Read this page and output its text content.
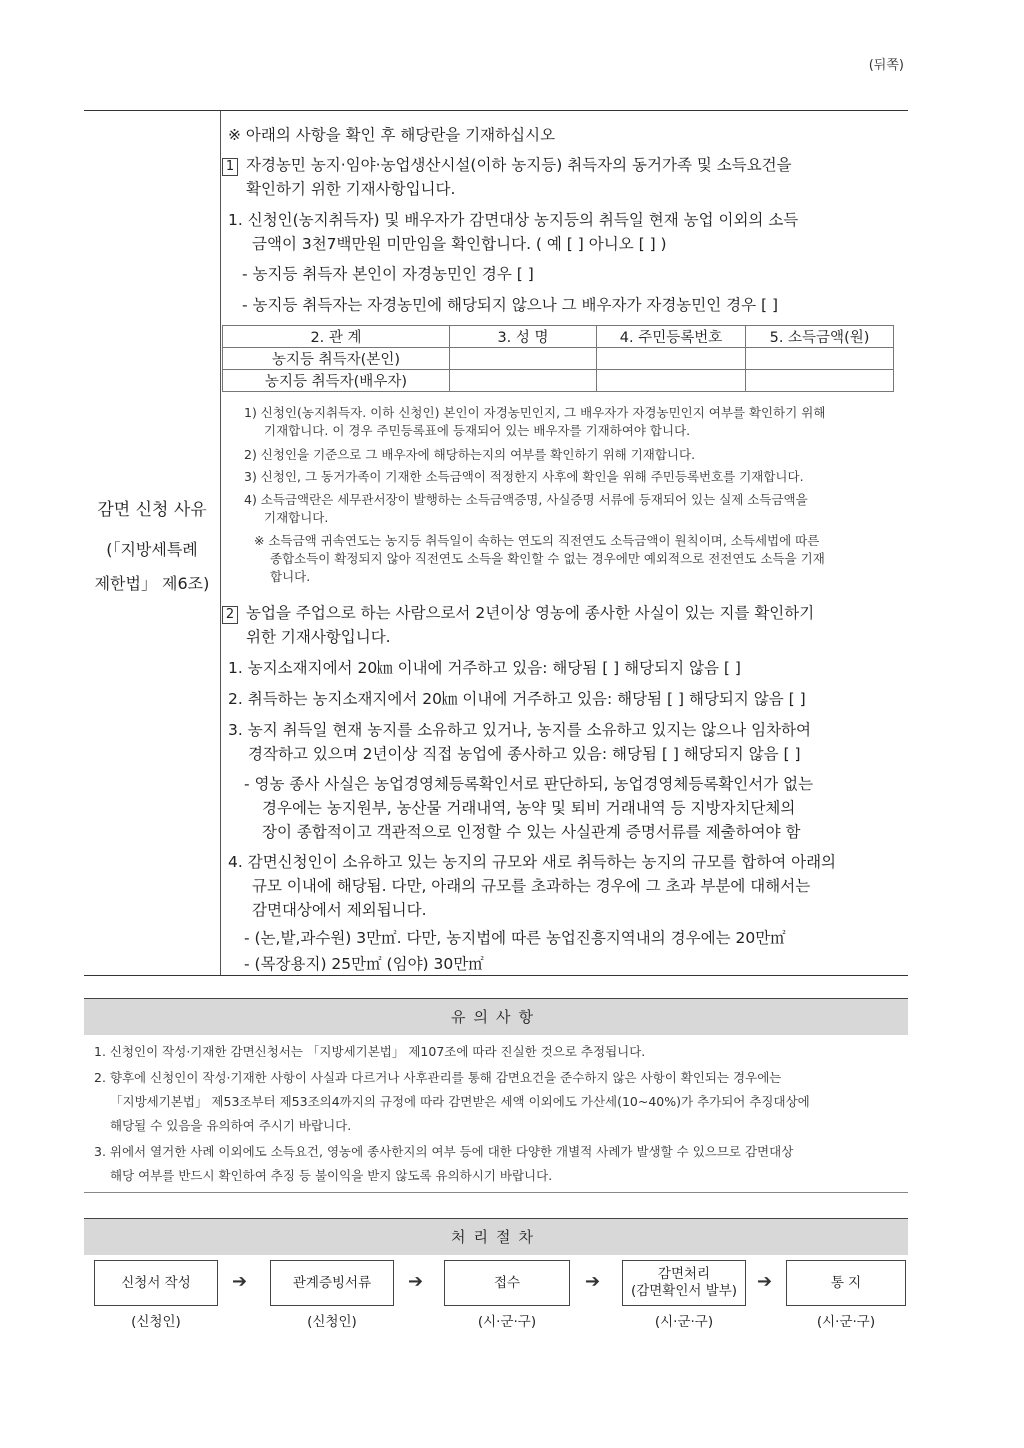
(뒤쪽)
감면 신청 사유
(「지방세특례
제한법」 제6조)
※ 아래의 사항을 확인 후 해당란을 기재하십시오
1 자경농민 농지·임야·농업생산시설(이하 농지등) 취득자의 동거가족 및 소득요건을
확인하기 위한 기재사항입니다.
1. 신청인(농지취득자) 및 배우자가 감면대상 농지등의 취득일 현재 농업 이외의 소득
금액이 3천7백만원 미만임을 확인합니다. ( 예 [ ] 아니오 [ ] )
- 농지등 취득자 본인이 자경농민인 경우 [ ]
- 농지등 취득자는 자경농민에 해당되지 않으나 그 배우자가 자경농민인 경우 [ ]
2. 관 계	3. 성 명	4. 주민등록번호	5. 소득금액(원)
농지등 취득자(본인)			
농지등 취득자(배우자)			
1) 신청인(농지취득자. 이하 신청인) 본인이 자경농민인지, 그 배우자가 자경농민인지 여부를 확인하기 위해
기재합니다. 이 경우 주민등록표에 등재되어 있는 배우자를 기재하여야 합니다.
2) 신청인을 기준으로 그 배우자에 해당하는지의 여부를 확인하기 위해 기재합니다.
3) 신청인, 그 동거가족이 기재한 소득금액이 적정한지 사후에 확인을 위해 주민등록번호를 기재합니다.
4) 소득금액란은 세무관서장이 발행하는 소득금액증명, 사실증명 서류에 등재되어 있는 실제 소득금액을
기재합니다.
※ 소득금액 귀속연도는 농지등 취득일이 속하는 연도의 직전연도 소득금액이 원칙이며, 소득세법에 따른
종합소득이 확정되지 않아 직전연도 소득을 확인할 수 없는 경우에만 예외적으로 전전연도 소득을 기재
합니다.
2 농업을 주업으로 하는 사람으로서 2년이상 영농에 종사한 사실이 있는 지를 확인하기
위한 기재사항입니다.
1. 농지소재지에서 20㎞ 이내에 거주하고 있음: 해당됨 [ ] 해당되지 않음 [ ]
2. 취득하는 농지소재지에서 20㎞ 이내에 거주하고 있음: 해당됨 [ ] 해당되지 않음 [ ]
3. 농지 취득일 현재 농지를 소유하고 있거나, 농지를 소유하고 있지는 않으나 임차하여
경작하고 있으며 2년이상 직접 농업에 종사하고 있음: 해당됨 [ ] 해당되지 않음 [ ]
- 영농 종사 사실은 농업경영체등록확인서로 판단하되, 농업경영체등록확인서가 없는
경우에는 농지원부, 농산물 거래내역, 농약 및 퇴비 거래내역 등 지방자치단체의
장이 종합적이고 객관적으로 인정할 수 있는 사실관계 증명서류를 제출하여야 함
4. 감면신청인이 소유하고 있는 농지의 규모와 새로 취득하는 농지의 규모를 합하여 아래의
규모 이내에 해당됨. 다만, 아래의 규모를 초과하는 경우에 그 초과 부분에 대해서는
감면대상에서 제외됩니다.
- (논,밭,과수원) 3만㎡. 다만, 농지법에 따른 농업진흥지역내의 경우에는 20만㎡
- (목장용지) 25만㎡ (임야) 30만㎡
유의사항
1. 신청인이 작성·기재한 감면신청서는 「지방세기본법」 제107조에 따라 진실한 것으로 추정됩니다.
2. 향후에 신청인이 작성·기재한 사항이 사실과 다르거나 사후관리를 통해 감면요건을 준수하지 않은 사항이 확인되는 경우에는
「지방세기본법」 제53조부터 제53조의4까지의 규정에 따라 감면받은 세액 이외에도 가산세(10~40%)가 추가되어 추징대상에
해당될 수 있음을 유의하여 주시기 바랍니다.
3. 위에서 열거한 사례 이외에도 소득요건, 영농에 종사한지의 여부 등에 대한 다양한 개별적 사례가 발생할 수 있으므로 감면대상
해당 여부를 반드시 확인하여 추징 등 불이익을 받지 않도록 유의하시기 바랍니다.
처리절차
신청서 작성 ➔	관계증빙서류 ➔	접수	➔	감면처리
(감면확인서 발부) ➔	통 지
(신청인)	(신청인)	(시·군·구)	(시·군·구)	(시·군·구)
